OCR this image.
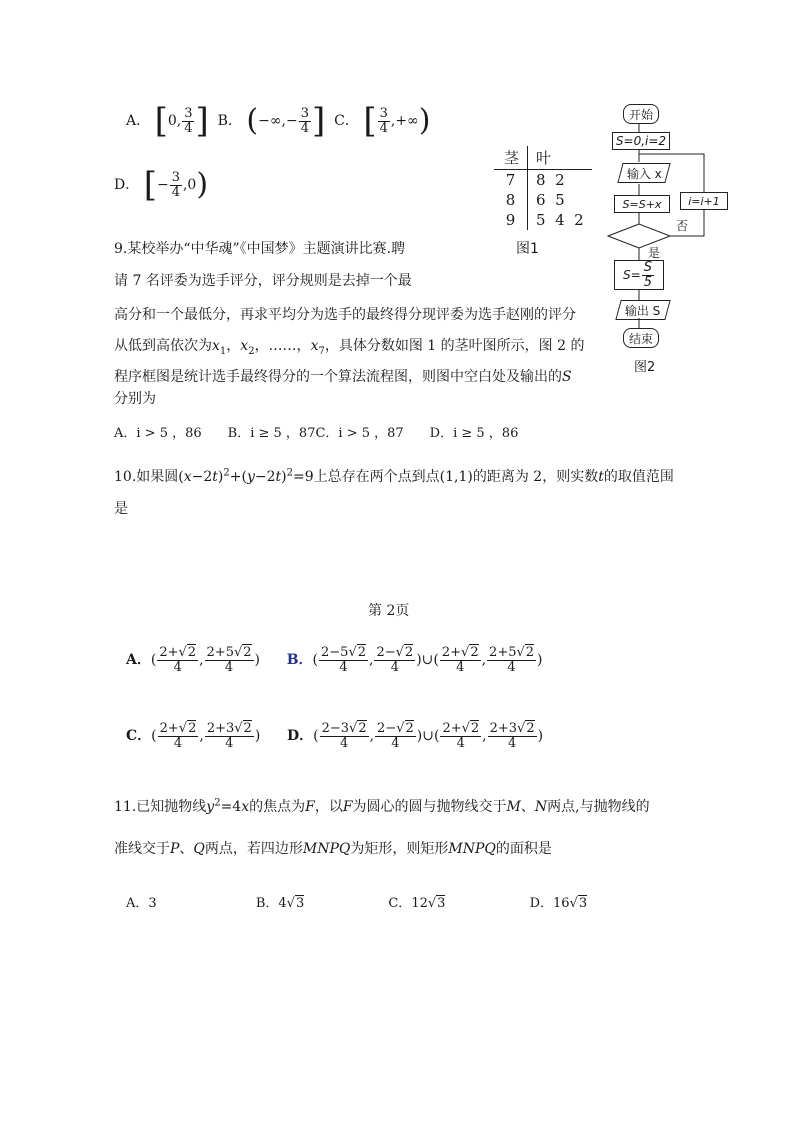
A． [0, $\frac{3}{4}$ ] B． (−∞,− $\frac{3}{4}$ ] C． [ $\frac{3}{4}$ ,+∞)
D． [− $\frac{3}{4} ,0$)
茎	叶
7	8  2
8	6  5
9	5  4  2
图1
开始
S=0,i=2
输入 x
S=S+x	i=i+1
否
是
$S= \frac{S}{5}$
输出 S
结束
图2
9.某校举办“中华魂”《中国梦》主题演讲比赛.聘
请 7 名评委为选手评分，评分规则是去掉一个最
高分和一个最低分，再求平均分为选手的最终得分现评委为选手赵刚的评分
从低到高依次为$x_1$，$x_2$，……，$x_7$，具体分数如图 1 的茎叶图所示，图 2 的
程序框图是统计选手最终得分的一个算法流程图，则图中空白处及输出的S
分别为
A．i > 5 ，86　　B．i ≥ 5 ，87C．i > 5 ，87　　D．i ≥ 5 ，86
10.如果圆$(x-2t)^2+(y-2t)^2=9$上总存在两个点到点(1,1)的距离为 2，则实数t的取值范围
是
第 2页
A．( $\frac{2+√2}{4}$ , $\frac{2+5√2}{4}$ )      B．( $\frac{2-5√2}{4}$ , $\frac{2-√2}{4}$ )∪( $\frac{2+√2}{4}$ , $\frac{2+5√2}{4}$ )
C．( $\frac{2+√2}{4}$ , $\frac{2+3√2}{4}$ )      D．( $\frac{2-3√2}{4}$ , $\frac{2-√2}{4}$ )∪( $\frac{2+√2}{4}$ , $\frac{2+3√2}{4}$ )
11.已知抛物线$y^2=4x$的焦点为F，以F为圆心的圆与抛物线交于M、N两点,与抛物线的
准线交于P、Q两点，若四边形MNPQ为矩形，则矩形MNPQ的面积是
A．3	B．4√3	C．12√3	D．16√3
